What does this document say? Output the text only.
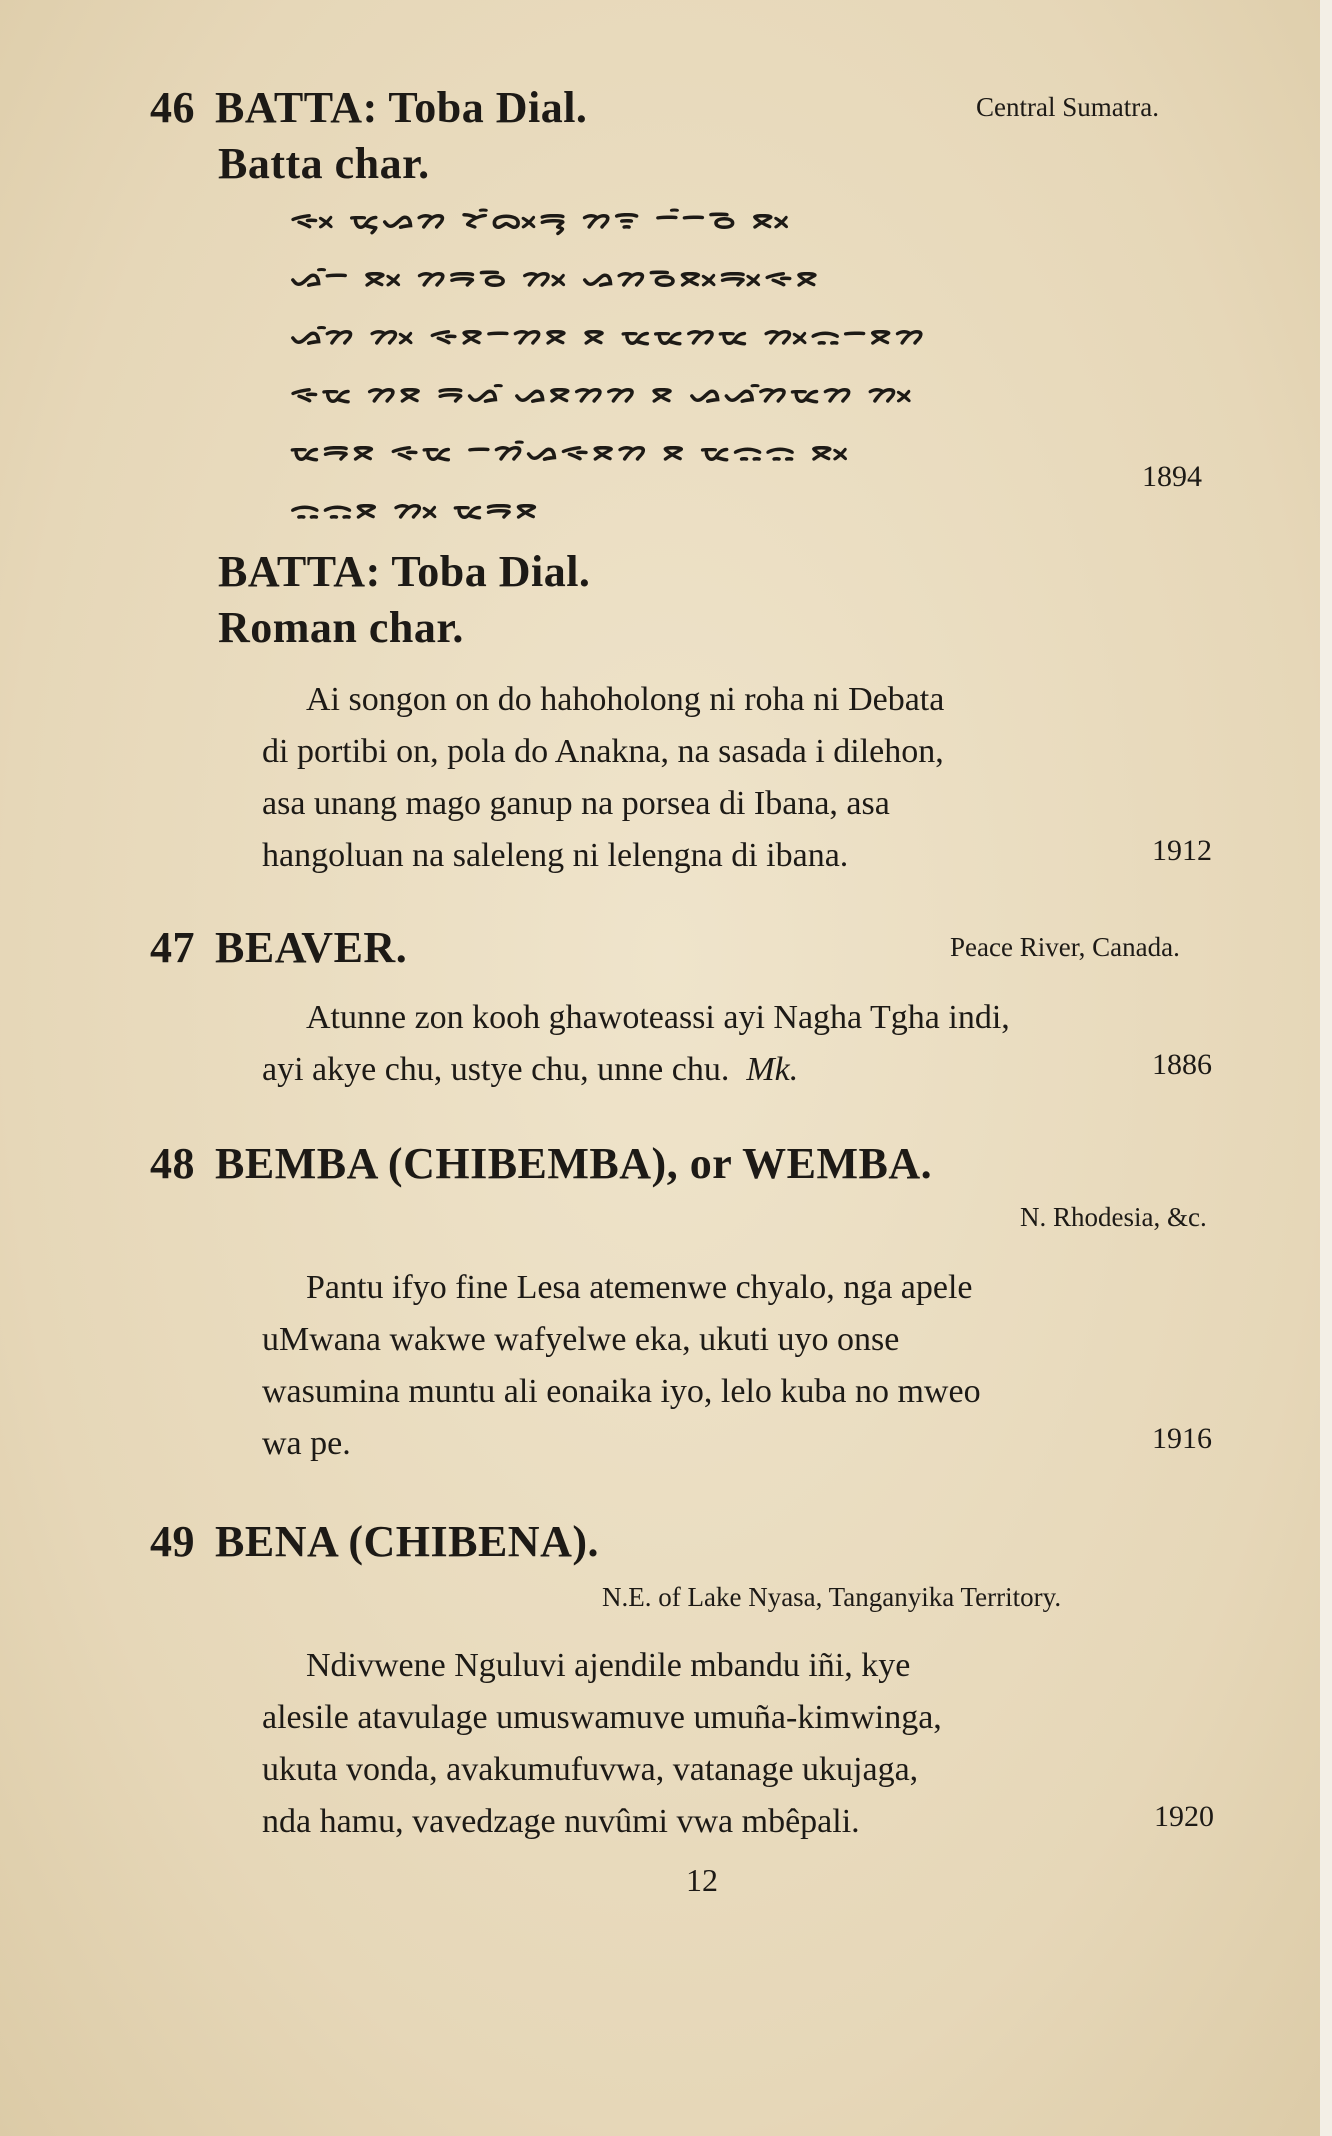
46 BATTA: Toba Dial.	Central Sumatra.
Batta char.
ᯐᯬ ᯔᯮᯀᯂ ᯘᯰᯅᯬᯒᯮ ᯂᯤ ᯇᯰᯇᯉ ᯖᯬ
ᯀᯰᯇ ᯖᯬ ᯂᯒᯉ ᯂᯬ ᯀᯂᯉᯖᯬᯒᯬᯐᯖ
ᯀᯰᯂ ᯂᯬ ᯐᯖᯇᯂᯖ ᯖ ᯔᯔᯂᯔ ᯂᯬᯃᯇᯖᯂ
ᯐᯔ ᯂᯖ ᯒᯀᯰ ᯀᯖᯂᯂ ᯖ ᯀᯀᯰᯂᯔᯂ ᯂᯬ
ᯔᯒᯖ ᯐᯔ ᯇᯂᯰᯀᯐᯖᯂ ᯖ ᯔᯃᯃ ᯖᯬ
ᯃᯃᯖ ᯂᯬ ᯔᯒᯖ
1894
BATTA: Toba Dial.
Roman char.
Ai songon on do hahoholong ni roha ni Debata
di portibi on, pola do Anakna, na sasada i dilehon,
asa unang mago ganup na porsea di Ibana, asa
hangoluan na saleleng ni lelengna di ibana.	1912
47 BEAVER.	Peace River, Canada.
Atunne zon kooh ghawoteassi ayi Nagha Tgha indi,
ayi akye chu, ustye chu, unne chu. Mk.	1886
48 BEMBA (CHIBEMBA), or WEMBA.
N. Rhodesia, &c.
Pantu ifyo fine Lesa atemenwe chyalo, nga apele
uMwana wakwe wafyelwe eka, ukuti uyo onse
wasumina muntu ali eonaika iyo, lelo kuba no mweo
wa pe.	1916
49 BENA (CHIBENA).
N.E. of Lake Nyasa, Tanganyika Territory.
Ndivwene Nguluvi ajendile mbandu iñi, kye
alesile atavulage umuswamuve umuña-kimwinga,
ukuta vonda, avakumufuvwa, vatanage ukujaga,
nda hamu, vavedzage nuvûmi vwa mbêpali.	1920
12
